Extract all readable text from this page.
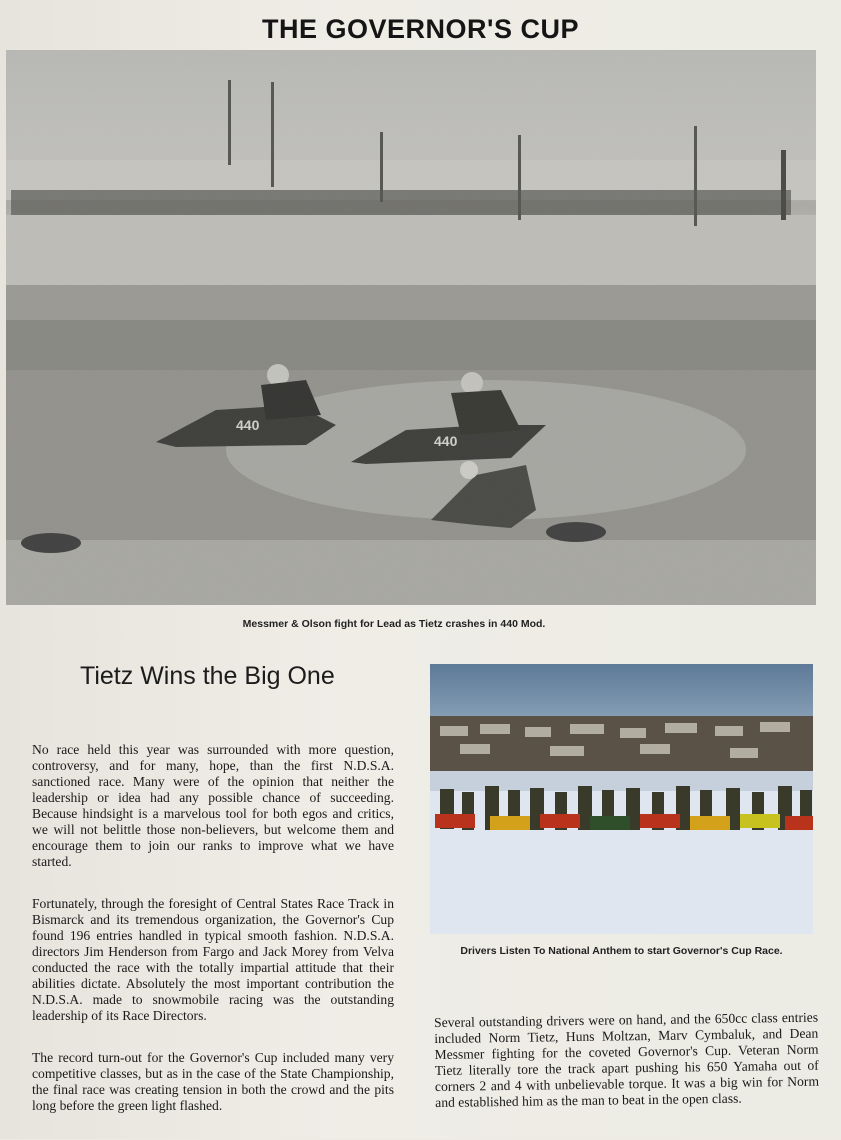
THE GOVERNOR'S CUP
440
440
Messmer & Olson fight for Lead as Tietz crashes in 440 Mod.
Tietz Wins the Big One

No race held this year was surrounded with more question, controversy, and for many, hope, than the first N.D.S.A. sanctioned race. Many were of the opinion that neither the leadership or idea had any possible chance of succeeding. Because hindsight is a marvelous tool for both egos and critics, we will not belittle those non-believers, but welcome them and encourage them to join our ranks to improve what we have started.

Fortunately, through the foresight of Central States Race Track in Bismarck and its tremendous organization, the Governor's Cup found 196 entries handled in typical smooth fashion. N.D.S.A. directors Jim Henderson from Fargo and Jack Morey from Velva conducted the race with the totally impartial attitude that their abilities dictate. Absolutely the most important contribution the N.D.S.A. made to snowmobile racing was the outstanding leadership of its Race Directors.

The record turn-out for the Governor's Cup included many very competitive classes, but as in the case of the State Championship, the final race was creating tension in both the crowd and the pits long before the green light flashed.

Drivers Listen To National Anthem to start Governor's Cup Race.

Several outstanding drivers were on hand, and the 650cc class entries included Norm Tietz, Huns Moltzan, Marv Cymbaluk, and Dean Messmer fighting for the coveted Governor's Cup. Veteran Norm Tietz literally tore the track apart pushing his 650 Yamaha out of corners 2 and 4 with unbelievable torque. It was a big win for Norm and established him as the man to beat in the open class.
